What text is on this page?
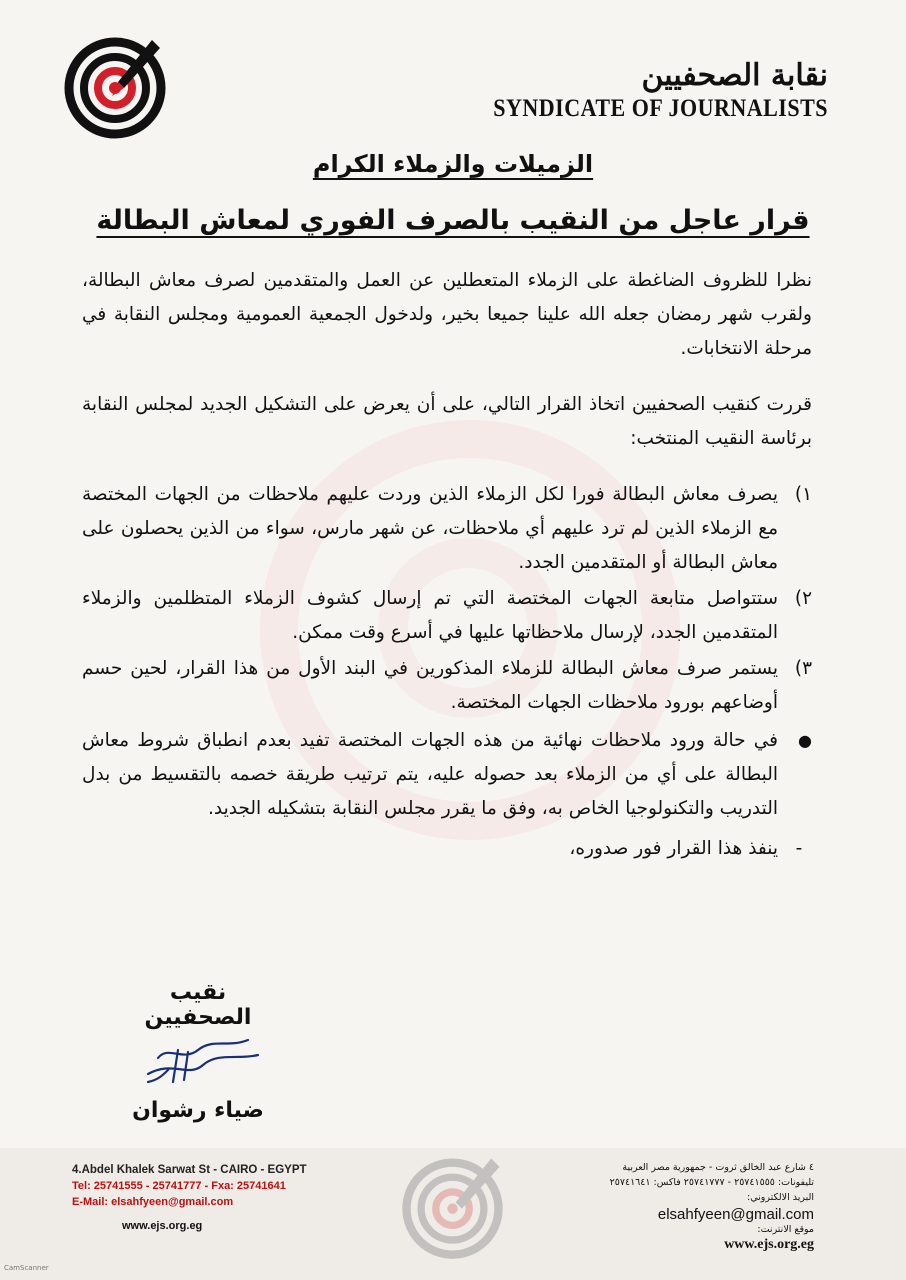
نقابة الصحفيين
SYNDICATE OF JOURNALISTS
الزميلات والزملاء الكرام
قرار عاجل من النقيب بالصرف الفوري لمعاش البطالة

نظرا للظروف الضاغطة على الزملاء المتعطلين عن العمل والمتقدمين لصرف معاش البطالة، ولقرب شهر رمضان جعله الله علينا جميعا بخير، ولدخول الجمعية العمومية ومجلس النقابة في مرحلة الانتخابات.

قررت كنقيب الصحفيين اتخاذ القرار التالي، على أن يعرض على التشكيل الجديد لمجلس النقابة برئاسة النقيب المنتخب:

١)
يصرف معاش البطالة فورا لكل الزملاء الذين وردت عليهم ملاحظات من الجهات المختصة مع الزملاء الذين لم ترد عليهم أي ملاحظات، عن شهر مارس، سواء من الذين يحصلون على معاش البطالة أو المتقدمين الجدد.
٢)
ستتواصل متابعة الجهات المختصة التي تم إرسال كشوف الزملاء المتظلمين والزملاء المتقدمين الجدد، لإرسال ملاحظاتها عليها في أسرع وقت ممكن.
٣)
يستمر صرف معاش البطالة للزملاء المذكورين في البند الأول من هذا القرار، لحين حسم أوضاعهم بورود ملاحظات الجهات المختصة.
●
في حالة ورود ملاحظات نهائية من هذه الجهات المختصة تفيد بعدم انطباق شروط معاش البطالة على أي من الزملاء بعد حصوله عليه، يتم ترتيب طريقة خصمه بالتقسيط من بدل التدريب والتكنولوجيا الخاص به، وفق ما يقرر مجلس النقابة بتشكيله الجديد.
-
ينفذ هذا القرار فور صدوره،
نقيب الصحفيين
ضياء رشوان
4.Abdel Khalek Sarwat St - CAIRO - EGYPT
Tel: 25741555 - 25741777 - Fxa: 25741641
E-Mail: elsahfyeen@gmail.com
www.ejs.org.eg
٤ شارع عبد الخالق ثروت - جمهورية مصر العربية
تليفونات: ٢٥٧٤١٥٥٥ - ٢٥٧٤١٧٧٧ فاكس: ٢٥٧٤١٦٤١
البريد الالكتروني:
elsahfyeen@gmail.com
موقع الانترنت:
www.ejs.org.eg
CamScanner
